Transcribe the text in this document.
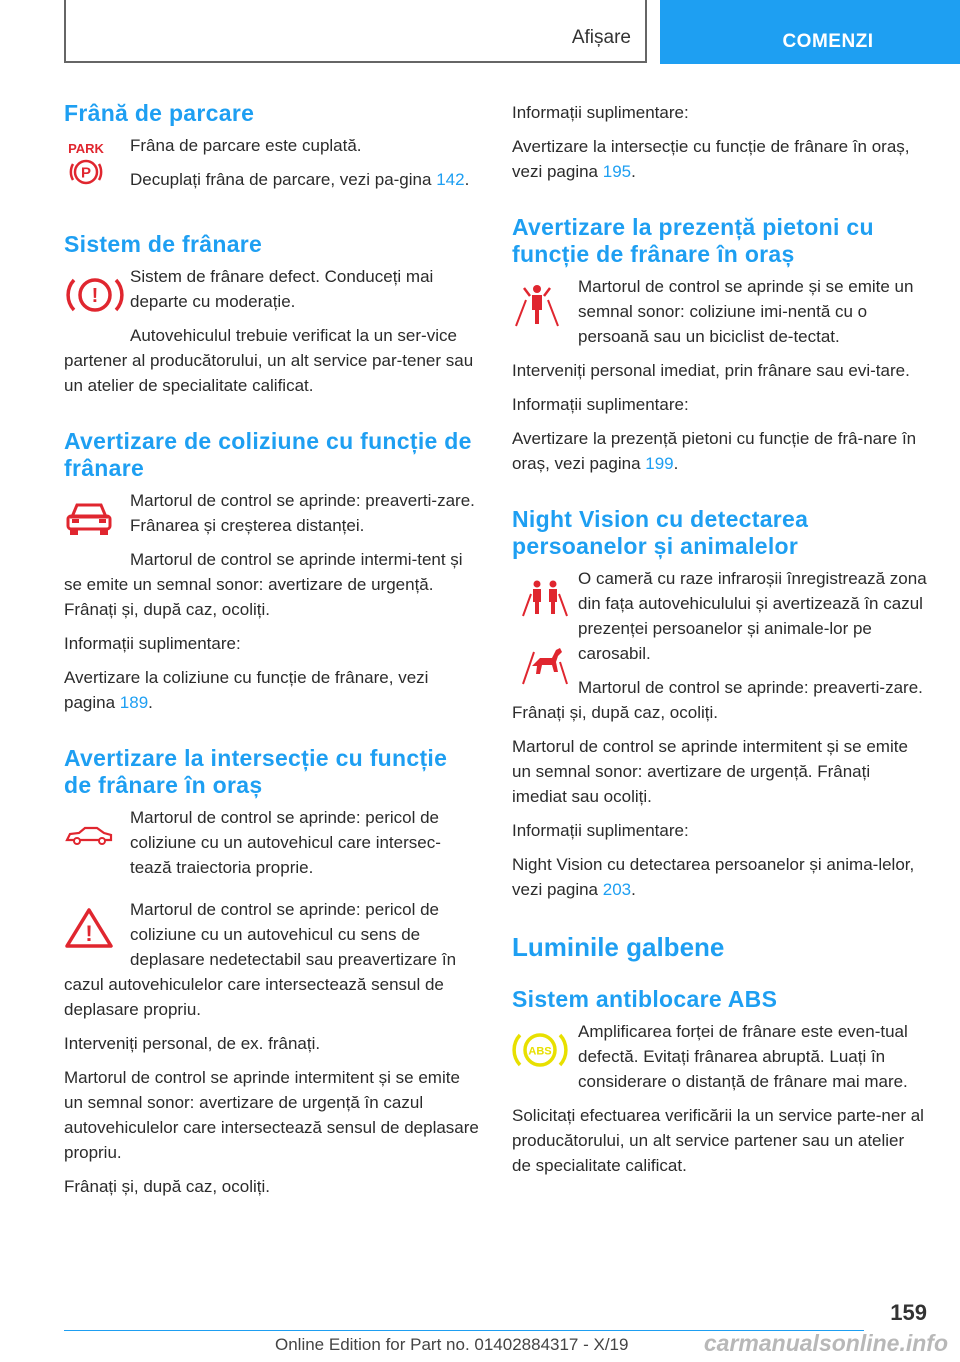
Afișare	COMENZI
Frână de parcare
PARK
P

Frâna de parcare este cuplată.

Decuplați frâna de parcare, vezi pa‐gina 142.

Sistem de frânare
!

Sistem de frânare defect. Conduceți mai departe cu moderație.

Autovehiculul trebuie verificat la un ser‐vice partener al producătorului, un alt service par‐tener sau un atelier de specialitate calificat.

Avertizare de coliziune cu funcție de frânare

Martorul de control se aprinde: preaverti‐zare. Frânarea și creșterea distanței.

Martorul de control se aprinde intermi‐tent și se emite un semnal sonor: avertizare de urgență. Frânați și, după caz, ocoliți.

Informații suplimentare:

Avertizare la coliziune cu funcție de frânare, vezi pagina 189.

Avertizare la intersecție cu funcție de frânare în oraș

Martorul de control se aprinde: pericol de coliziune cu un autovehicul care intersec‐tează traiectoria proprie.

!

Martorul de control se aprinde: pericol de coliziune cu un autovehicul cu sens de deplasare nedetectabil sau preavertizare în cazul autovehiculelor care intersectează sensul de deplasare propriu.

Interveniți personal, de ex. frânați.

Martorul de control se aprinde intermitent și se emite un semnal sonor: avertizare de urgență în cazul autovehiculelor care intersectează sensul de deplasare propriu.

Frânați și, după caz, ocoliți.

Informații suplimentare:

Avertizare la intersecție cu funcție de frânare în oraș, vezi pagina 195.

Avertizare la prezență pietoni cu funcție de frânare în oraș

Martorul de control se aprinde și se emite un semnal sonor: coliziune imi‐nentă cu o persoană sau un biciclist de‐tectat.

Interveniți personal imediat, prin frânare sau evi‐tare.

Informații suplimentare:

Avertizare la prezență pietoni cu funcție de frâ‐nare în oraș, vezi pagina 199.

Night Vision cu detectarea persoanelor și animalelor

O cameră cu raze infraroșii înregistrează zona din fața autovehiculului și avertizează în cazul prezenței persoanelor și animale‐lor pe carosabil.

Martorul de control se aprinde: preaverti‐zare. Frânați și, după caz, ocoliți.

Martorul de control se aprinde intermitent și se emite un semnal sonor: avertizare de urgență. Frânați imediat sau ocoliți.

Informații suplimentare:

Night Vision cu detectarea persoanelor și anima‐lelor, vezi pagina 203.

Luminile galbene
Sistem antiblocare ABS
ABS

Amplificarea forței de frânare este even‐tual defectă. Evitați frânarea abruptă. Luați în considerare o distanță de frânare mai mare.

Solicitați efectuarea verificării la un service parte‐ner al producătorului, un alt service partener sau un atelier de specialitate calificat.

159
Online Edition for Part no. 01402884317 - X/19	carmanualsonline.info
